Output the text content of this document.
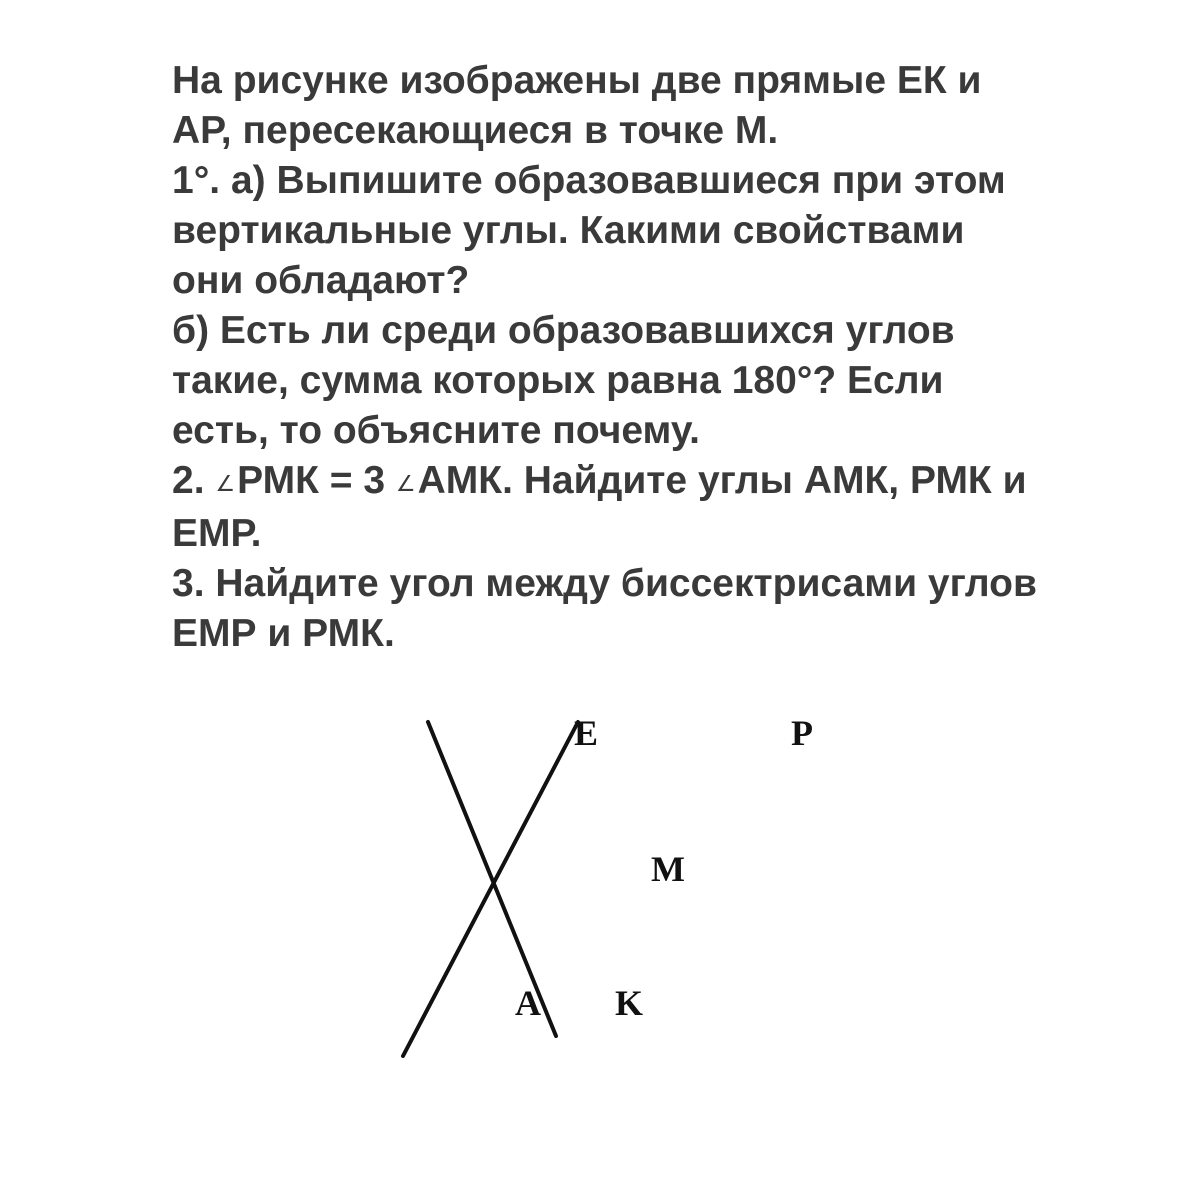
На рисунке изображены две прямые ЕК и
АР, пересекающиеся в точке М.
1°. а) Выпишите образовавшиеся при этом
вертикальные углы. Какими свойствами
они обладают?
б) Есть ли среди образовавшихся углов
такие, сумма которых равна 180°? Если
есть, то объясните почему.
2. ∠РМК = 3 ∠АМК. Найдите углы АМК, РМК и
ЕМР.
3. Найдите угол между биссектрисами углов
ЕМР и РМК.
E	P
M
A K
